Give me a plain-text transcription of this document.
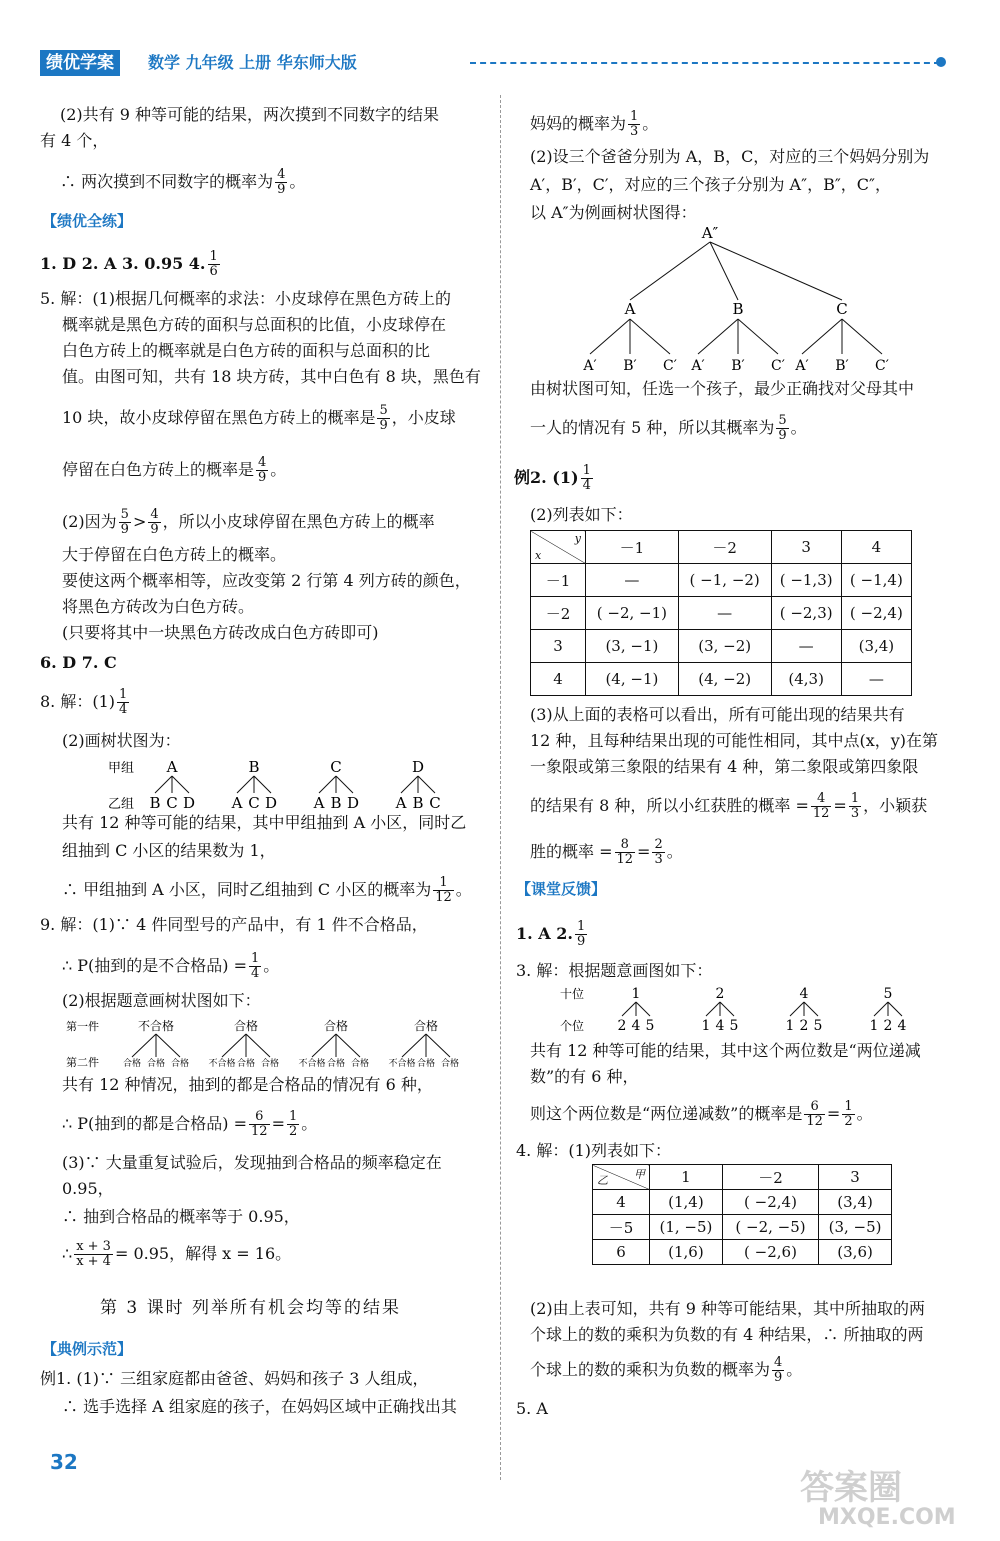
绩优学案	数学 九年级 上册 华东师大版
(2)共有 9 种等可能的结果，两次摸到不同数字的结果
有 4 个，
∴ 两次摸到不同数字的概率为 $\frac{4}{9}$ 。
【绩优全练】
1. D 2. A 3. 0.95 4. $\frac{1}{6}$
5. 解：(1)根据几何概率的求法：小皮球停在黑色方砖上的
概率就是黑色方砖的面积与总面积的比值，小皮球停在
白色方砖上的概率就是白色方砖的面积与总面积的比
值。由图可知，共有 18 块方砖，其中白色有 8 块，黑色有
10 块，故小皮球停留在黑色方砖上的概率是 $\frac{5}{9}$ ，小皮球
停留在白色方砖上的概率是 $\frac{4}{9}$ 。
(2)因为 $\frac{5}{9} > \frac{4}{9}$ ，所以小皮球停留在黑色方砖上的概率
大于停留在白色方砖上的概率。
要使这两个概率相等，应改变第 2 行第 4 列方砖的颜色，
将黑色方砖改为白色方砖。
(只要将其中一块黑色方砖改成白色方砖即可)
6. D 7. C
8. 解：$(1) \frac{1}{4}$
(2)画树状图为：
甲组
乙组
A
B C D
B
A C D
C
A B D
D
A B C
共有 12 种等可能的结果，其中甲组抽到 A 小区，同时乙
组抽到 C 小区的结果数为 1，
∴ 甲组抽到 A 小区，同时乙组抽到 C 小区的概率为 $\frac{1}{12}$ 。
9. 解：(1)∵ 4 件同型号的产品中，有 1 件不合格品，
∴ P(抽到的是不合格品) = $\frac{1}{4}$ 。
(2)根据题意画树状图如下：
第一件
第二件
不合格
合格 合格 合格
合格
不合格 合格 合格
合格
不合格 合格 合格
合格
不合格 合格 合格
共有 12 种情况，抽到的都是合格品的情况有 6 种，
∴ P(抽到的都是合格品) = $\frac{6}{12} = \frac{1}{2}$ 。
(3)∵ 大量重复试验后，发现抽到合格品的频率稳定在
0.95，
∴ 抽到合格品的概率等于 0.95，
∴ $\frac{x + 3}{x + 4} = 0.95$，解得 x = 16。
第 3 课时 列举所有机会均等的结果
【典例示范】
例1. (1)∵ 三组家庭都由爸爸、妈妈和孩子 3 人组成，
∴ 选手选择 A 组家庭的孩子，在妈妈区域中正确找出其
妈妈的概率为 $\frac{1}{3}$ 。
(2)设三个爸爸分别为 A，B，C，对应的三个妈妈分别为
A′，B′，C′，对应的三个孩子分别为 A″，B″，C″，
以 A″为例画树状图得：
A″
A
A′ B′ C′
B
A′ B′ C′
C
A′ B′ C′
由树状图可知，任选一个孩子，最少正确找对父母其中
一人的情况有 5 种，所以其概率为 $\frac{5}{9}$ 。
例2. $(1) \frac{1}{4}$
(2)列表如下：
y
x	－1	－2	3	4
－1	—	( −1, −2)	( −1,3)	( −1,4)
－2	( −2, −1)	—	( −2,3)	( −2,4)
3	(3, −1)	(3, −2)	—	(3,4)
4	(4, −1)	(4, −2)	(4,3)	—
(3)从上面的表格可以看出，所有可能出现的结果共有
12 种，且每种结果出现的可能性相同，其中点(x，y)在第
一象限或第三象限的结果有 4 种，第二象限或第四象限
的结果有 8 种，所以小红获胜的概率 = $\frac{4}{12} = \frac{1}{3}$ ，小颖获
胜的概率 = $\frac{8}{12} = \frac{2}{3}$ 。
【课堂反馈】
1. A 2. $\frac{1}{9}$
3. 解：根据题意画图如下：
十位
个位
1
2 4 5
2
1 4 5
4
1 2 5
5
1 2 4
共有 12 种等可能的结果，其中这个两位数是“两位递减
数”的有 6 种，
则这个两位数是“两位递减数”的概率是 $\frac{6}{12} = \frac{1}{2}$ 。
4. 解：(1)列表如下：
甲
乙	1	－2	3
4	(1,4)	( −2,4)	(3,4)
－5	(1, −5)	( −2, −5)	(3, −5)
6	(1,6)	( −2,6)	(3,6)
(2)由上表可知，共有 9 种等可能结果，其中所抽取的两
个球上的数的乘积为负数的有 4 种结果，∴ 所抽取的两
个球上的数的乘积为负数的概率为 $\frac{4}{9}$ 。
5. A
32
答案圈
MXQE.COM
